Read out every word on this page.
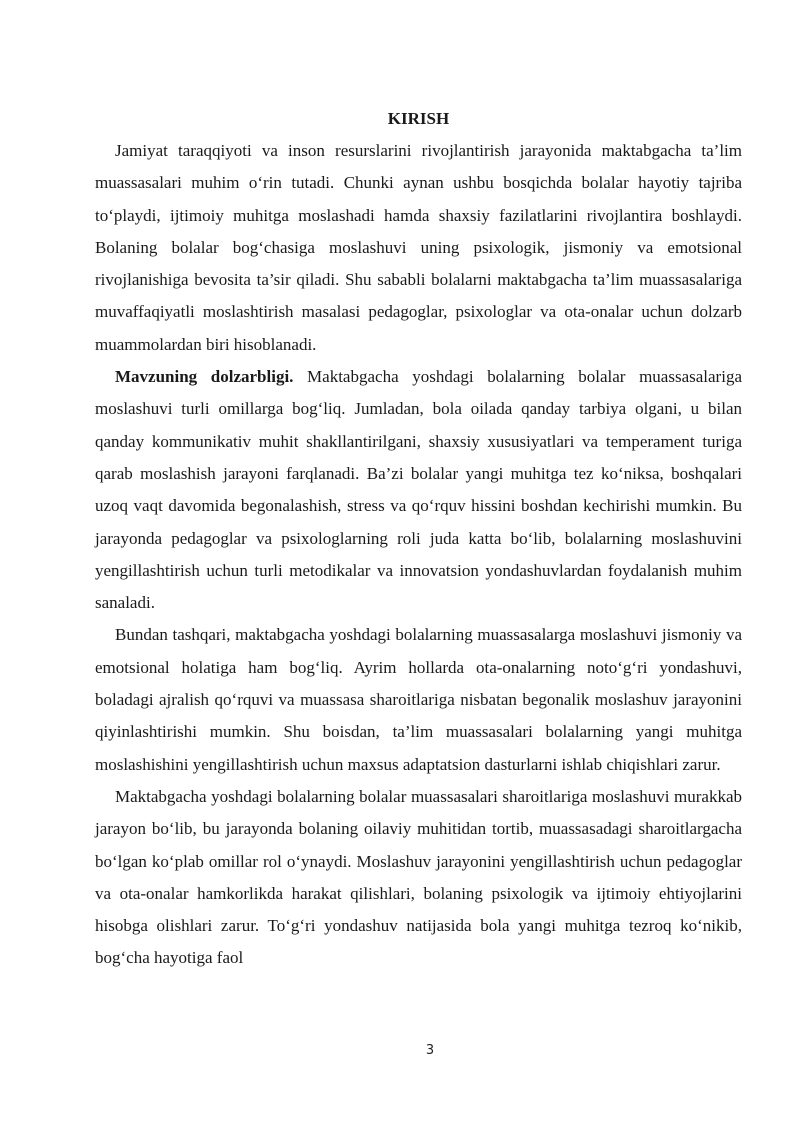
KIRISH

Jamiyat taraqqiyoti va inson resurslarini rivojlantirish jarayonida maktabgacha ta’lim muassasalari muhim o‘rin tutadi. Chunki aynan ushbu bosqichda bolalar hayotiy tajriba to‘playdi, ijtimoiy muhitga moslashadi hamda shaxsiy fazilatlarini rivojlantira boshlaydi. Bolaning bolalar bog‘chasiga moslashuvi uning psixologik, jismoniy va emotsional rivojlanishiga bevosita ta’sir qiladi. Shu sababli bolalarni maktabgacha ta’lim muassasalariga muvaffaqiyatli moslashtirish masalasi pedagoglar, psixologlar va ota-onalar uchun dolzarb muammolardan biri hisoblanadi.

Mavzuning dolzarbligi. Maktabgacha yoshdagi bolalarning bolalar muassasalariga moslashuvi turli omillarga bog‘liq. Jumladan, bola oilada qanday tarbiya olgani, u bilan qanday kommunikativ muhit shakllantirilgani, shaxsiy xususiyatlari va temperament turiga qarab moslashish jarayoni farqlanadi. Ba’zi bolalar yangi muhitga tez ko‘niksa, boshqalari uzoq vaqt davomida begonalashish, stress va qo‘rquv hissini boshdan kechirishi mumkin. Bu jarayonda pedagoglar va psixologlarning roli juda katta bo‘lib, bolalarning moslashuvini yengillashtirish uchun turli metodikalar va innovatsion yondashuvlardan foydalanish muhim sanaladi.

Bundan tashqari, maktabgacha yoshdagi bolalarning muassasalarga moslashuvi jismoniy va emotsional holatiga ham bog‘liq. Ayrim hollarda ota-onalarning noto‘g‘ri yondashuvi, boladagi ajralish qo‘rquvi va muassasa sharoitlariga nisbatan begonalik moslashuv jarayonini qiyinlashtirishi mumkin. Shu boisdan, ta’lim muassasalari bolalarning yangi muhitga moslashishini yengillashtirish uchun maxsus adaptatsion dasturlarni ishlab chiqishlari zarur.

Maktabgacha yoshdagi bolalarning bolalar muassasalari sharoitlariga moslashuvi murakkab jarayon bo‘lib, bu jarayonda bolaning oilaviy muhitidan tortib, muassasadagi sharoitlargacha bo‘lgan ko‘plab omillar rol o‘ynaydi. Moslashuv jarayonini yengillashtirish uchun pedagoglar va ota-onalar hamkorlikda harakat qilishlari, bolaning psixologik va ijtimoiy ehtiyojlarini hisobga olishlari zarur. To‘g‘ri yondashuv natijasida bola yangi muhitga tezroq ko‘nikib, bog‘cha hayotiga faol

3
